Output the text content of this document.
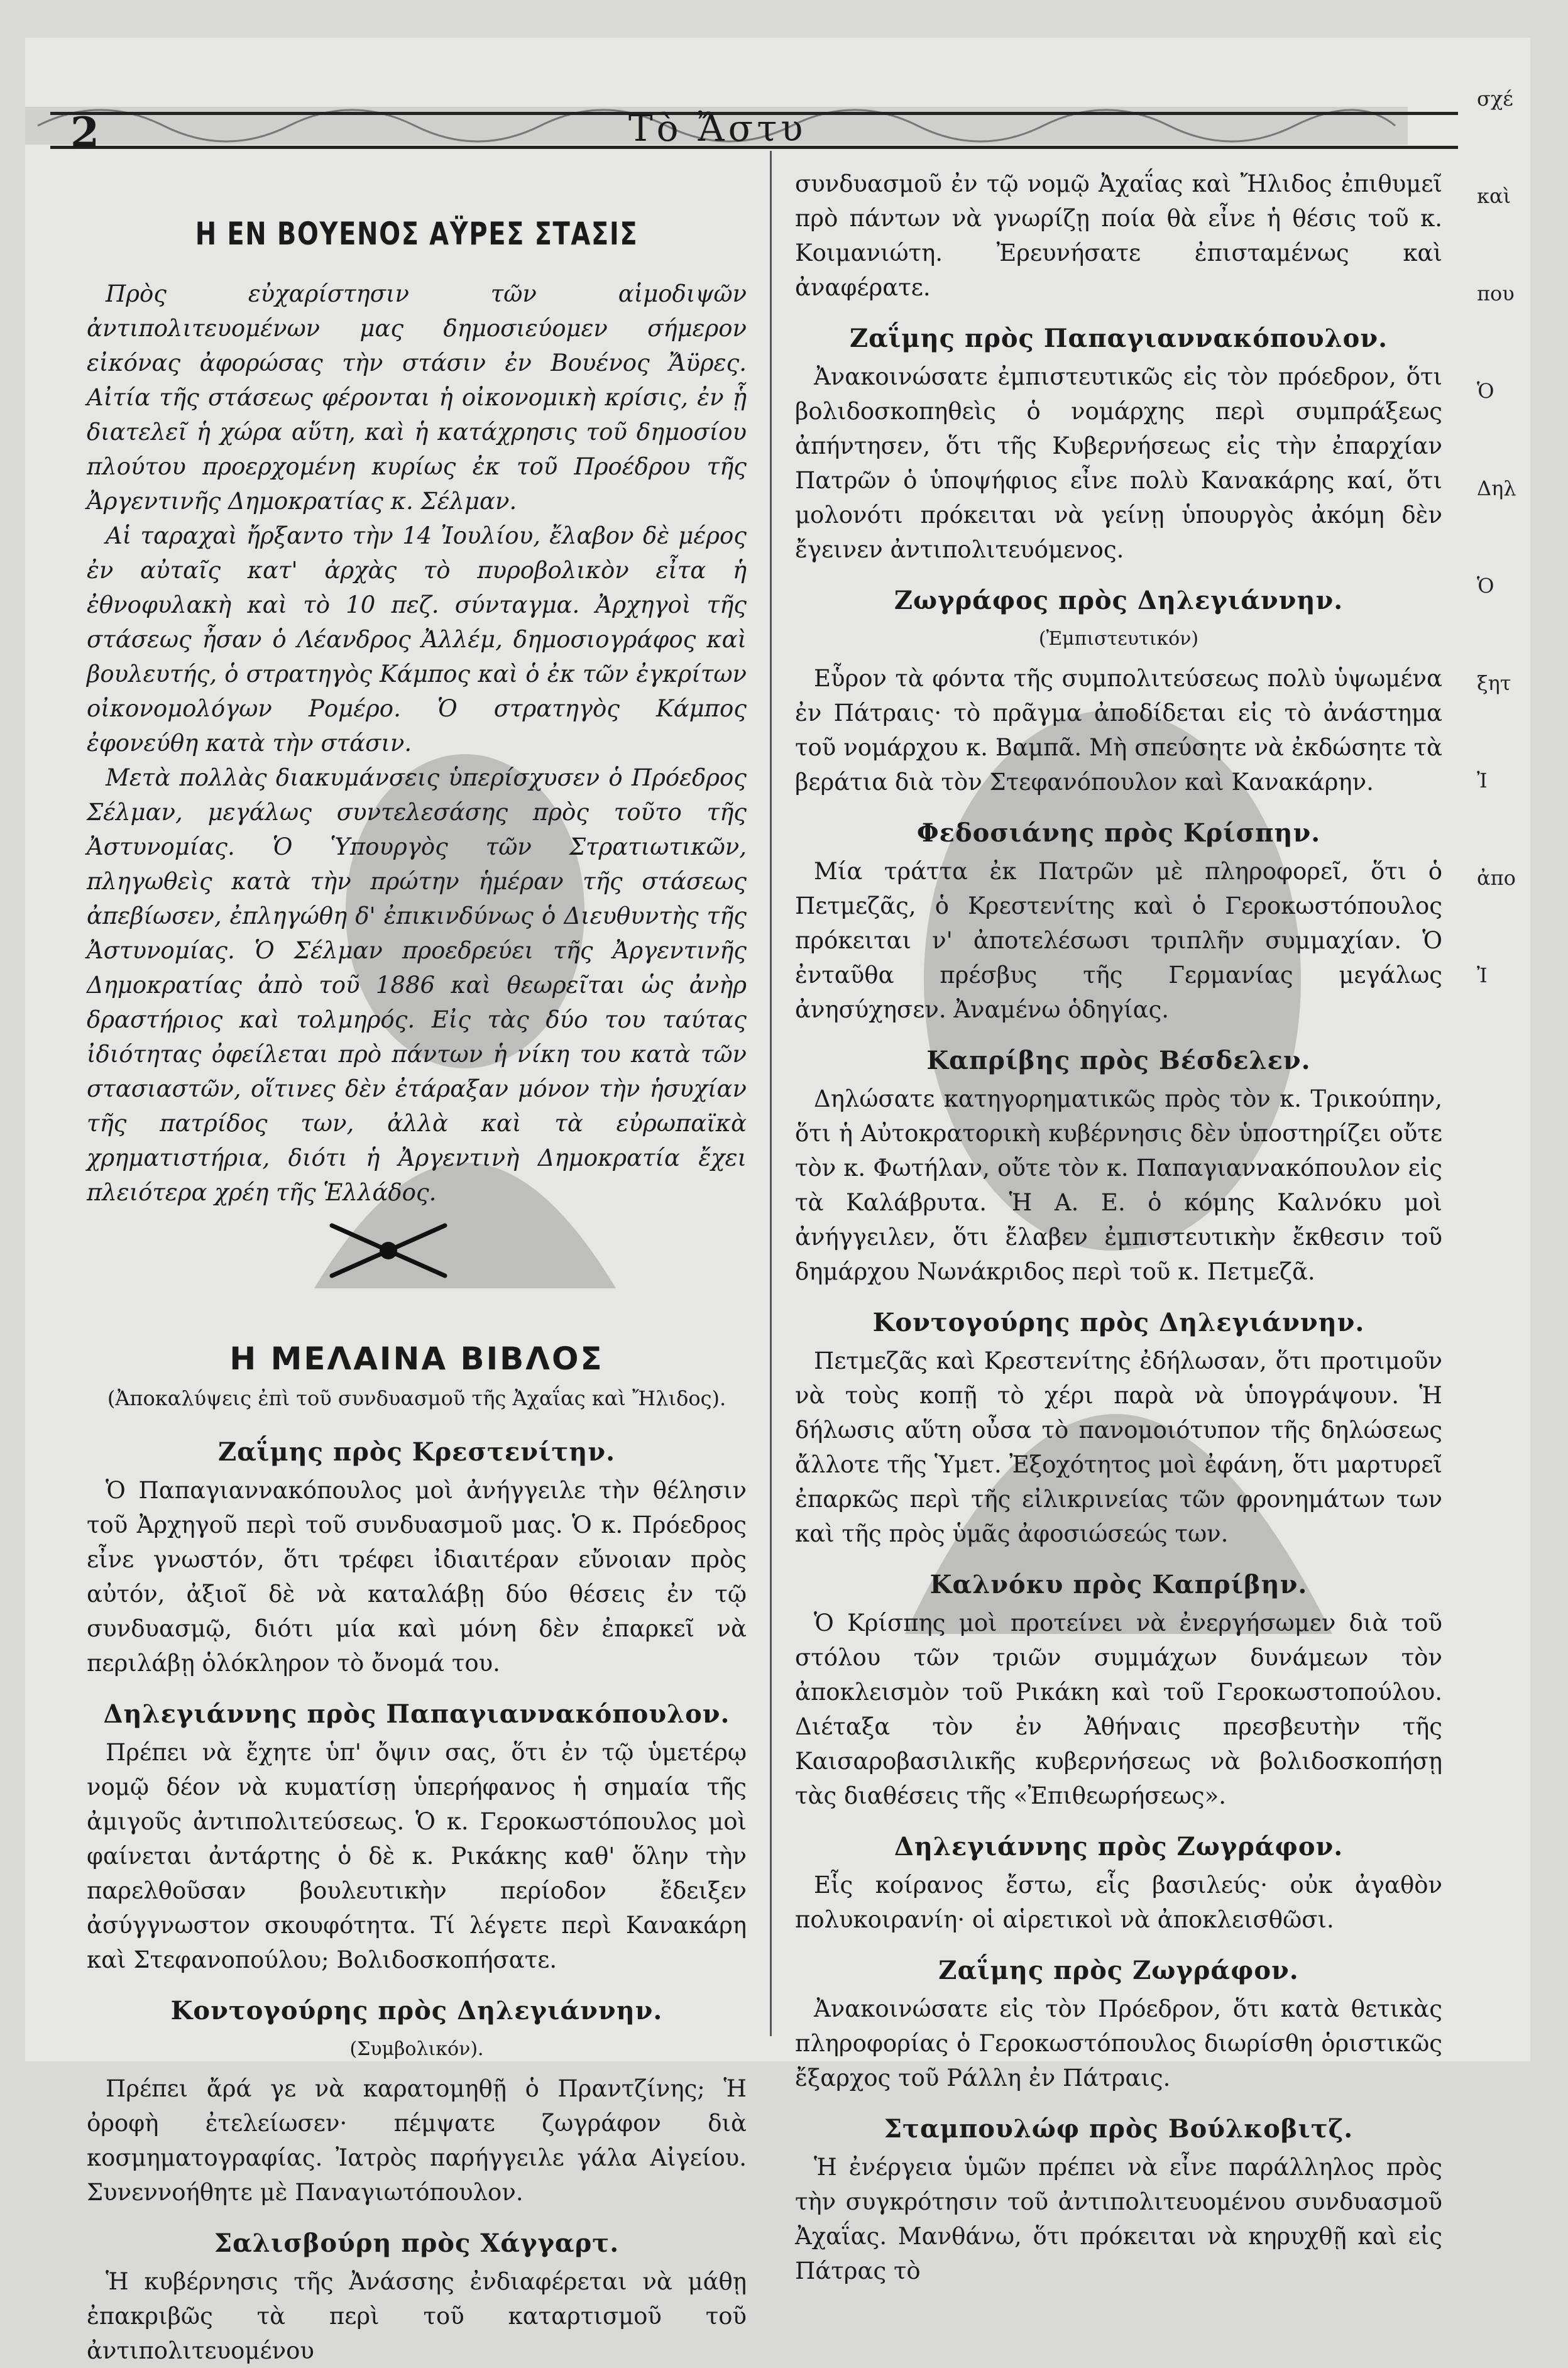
2	Τὸ Ἄστυ
Η ΕΝ ΒΟΥΕΝΟΣ ΑΫΡΕΣ ΣΤΑΣΙΣ

Πρὸς εὐχαρίστησιν τῶν αἱμοδιψῶν ἀντιπολιτευομένων μας δημοσιεύομεν σήμερον εἰκόνας ἀφορώσας τὴν στάσιν ἐν Βουένος Ἄϋρες. Αἰτία τῆς στάσεως φέρονται ἡ οἰκονομικὴ κρίσις, ἐν ᾗ διατελεῖ ἡ χώρα αὕτη, καὶ ἡ κατάχρησις τοῦ δημοσίου πλούτου προερχομένη κυρίως ἐκ τοῦ Προέδρου τῆς Ἀργεντινῆς Δημοκρατίας κ. Σέλμαν.

Αἱ ταραχαὶ ἤρξαντο τὴν 14 Ἰουλίου, ἔλαβον δὲ μέρος ἐν αὐταῖς κατ' ἀρχὰς τὸ πυροβολικὸν εἶτα ἡ ἐθνοφυλακὴ καὶ τὸ 10 πεζ. σύνταγμα. Ἀρχηγοὶ τῆς στάσεως ἦσαν ὁ Λέανδρος Ἀλλέμ, δημοσιογράφος καὶ βουλευτής, ὁ στρατηγὸς Κάμπος καὶ ὁ ἐκ τῶν ἐγκρίτων οἰκονομολόγων Ρομέρο. Ὁ στρατηγὸς Κάμπος ἐφονεύθη κατὰ τὴν στάσιν.

Μετὰ πολλὰς διακυμάνσεις ὑπερίσχυσεν ὁ Πρόεδρος Σέλμαν, μεγάλως συντελεσάσης πρὸς τοῦτο τῆς Ἀστυνομίας. Ὁ Ὑπουργὸς τῶν Στρατιωτικῶν, πληγωθεὶς κατὰ τὴν πρώτην ἡμέραν τῆς στάσεως ἀπεβίωσεν, ἐπληγώθη δ' ἐπικινδύνως ὁ Διευθυντὴς τῆς Ἀστυνομίας. Ὁ Σέλμαν προεδρεύει τῆς Ἀργεντινῆς Δημοκρατίας ἀπὸ τοῦ 1886 καὶ θεωρεῖται ὡς ἀνὴρ δραστήριος καὶ τολμηρός. Εἰς τὰς δύο του ταύτας ἰδιότητας ὀφείλεται πρὸ πάντων ἡ νίκη του κατὰ τῶν στασιαστῶν, οἵτινες δὲν ἐτάραξαν μόνον τὴν ἡσυχίαν τῆς πατρίδος των, ἀλλὰ καὶ τὰ εὐρωπαϊκὰ χρηματιστήρια, διότι ἡ Ἀργεντινὴ Δημοκρατία ἔχει πλειότερα χρέη τῆς Ἑλλάδος.

Η ΜΕΛΑΙΝΑ ΒΙΒΛΟΣ
(Ἀποκαλύψεις ἐπὶ τοῦ συνδυασμοῦ τῆς Ἀχαΐας καὶ Ἤλιδος).
Ζαΐμης πρὸς Κρεστενίτην.

Ὁ Παπαγιαννακόπουλος μοὶ ἀνήγγειλε τὴν θέλησιν τοῦ Ἀρχηγοῦ περὶ τοῦ συνδυασμοῦ μας. Ὁ κ. Πρόεδρος εἶνε γνωστόν, ὅτι τρέφει ἰδιαιτέραν εὔνοιαν πρὸς αὐτόν, ἀξιοῖ δὲ νὰ καταλάβῃ δύο θέσεις ἐν τῷ συνδυασμῷ, διότι μία καὶ μόνη δὲν ἐπαρκεῖ νὰ περιλάβῃ ὁλόκληρον τὸ ὄνομά του.

Δηλεγιάννης πρὸς Παπαγιαννακόπουλον.

Πρέπει νὰ ἔχητε ὑπ' ὄψιν σας, ὅτι ἐν τῷ ὑμετέρῳ νομῷ δέον νὰ κυματίσῃ ὑπερήφανος ἡ σημαία τῆς ἀμιγοῦς ἀντιπολιτεύσεως. Ὁ κ. Γεροκωστόπουλος μοὶ φαίνεται ἀντάρτης ὁ δὲ κ. Ρικάκης καθ' ὅλην τὴν παρελθοῦσαν βουλευτικὴν περίοδον ἔδειξεν ἀσύγγνωστον σκουφότητα. Τί λέγετε περὶ Κανακάρη καὶ Στεφανοπούλου; Βολιδοσκοπήσατε.

Κοντογούρης πρὸς Δηλεγιάννην.
(Συμβολικόν).

Πρέπει ἄρά γε νὰ καρατομηθῇ ὁ Πραντζίνης; Ἡ ὀροφὴ ἐτελείωσεν· πέμψατε ζωγράφον διὰ κοσμηματογραφίας. Ἰατρὸς παρήγγειλε γάλα Αἰγείου. Συνεννοήθητε μὲ Παναγιωτόπουλον.

Σαλισβούρη πρὸς Χάγγαρτ.

Ἡ κυβέρνησις τῆς Ἀνάσσης ἐνδιαφέρεται νὰ μάθῃ ἐπακριβῶς τὰ περὶ τοῦ καταρτισμοῦ τοῦ ἀντιπολιτευομένου

συνδυασμοῦ ἐν τῷ νομῷ Ἀχαΐας καὶ Ἤλιδος ἐπιθυμεῖ πρὸ πάντων νὰ γνωρίζῃ ποία θὰ εἶνε ἡ θέσις τοῦ κ. Κοιμανιώτη. Ἐρευνήσατε ἐπισταμένως καὶ ἀναφέρατε.

Ζαΐμης πρὸς Παπαγιαννακόπουλον.

Ἀνακοινώσατε ἐμπιστευτικῶς εἰς τὸν πρόεδρον, ὅτι βολιδοσκοπηθεὶς ὁ νομάρχης περὶ συμπράξεως ἀπήντησεν, ὅτι τῆς Κυβερνήσεως εἰς τὴν ἐπαρχίαν Πατρῶν ὁ ὑποψήφιος εἶνε πολὺ Κανακάρης καί, ὅτι μολονότι πρόκειται νὰ γείνῃ ὑπουργὸς ἀκόμη δὲν ἔγεινεν ἀντιπολιτευόμενος.

Ζωγράφος πρὸς Δηλεγιάννην.
(Ἐμπιστευτικόν)

Εὗρον τὰ φόντα τῆς συμπολιτεύσεως πολὺ ὑψωμένα ἐν Πάτραις· τὸ πρᾶγμα ἀποδίδεται εἰς τὸ ἀνάστημα τοῦ νομάρχου κ. Βαμπᾶ. Μὴ σπεύσητε νὰ ἐκδώσητε τὰ βεράτια διὰ τὸν Στεφανόπουλον καὶ Κανακάρην.

Φεδοσιάνης πρὸς Κρίσπην.

Μία τράττα ἐκ Πατρῶν μὲ πληροφορεῖ, ὅτι ὁ Πετμεζᾶς, ὁ Κρεστενίτης καὶ ὁ Γεροκωστόπουλος πρόκειται ν' ἀποτελέσωσι τριπλῆν συμμαχίαν. Ὁ ἐνταῦθα πρέσβυς τῆς Γερμανίας μεγάλως ἀνησύχησεν. Ἀναμένω ὁδηγίας.

Καπρίβης πρὸς Βέσδελεν.

Δηλώσατε κατηγορηματικῶς πρὸς τὸν κ. Τρικούπην, ὅτι ἡ Αὐτοκρατορικὴ κυβέρνησις δὲν ὑποστηρίζει οὔτε τὸν κ. Φωτήλαν, οὔτε τὸν κ. Παπαγιαννακόπουλον εἰς τὰ Καλάβρυτα. Ἡ Α. Ε. ὁ κόμης Καλνόκυ μοὶ ἀνήγγειλεν, ὅτι ἔλαβεν ἐμπιστευτικὴν ἔκθεσιν τοῦ δημάρχου Νωνάκριδος περὶ τοῦ κ. Πετμεζᾶ.

Κοντογούρης πρὸς Δηλεγιάννην.

Πετμεζᾶς καὶ Κρεστενίτης ἐδήλωσαν, ὅτι προτιμοῦν νὰ τοὺς κοπῇ τὸ χέρι παρὰ νὰ ὑπογράψουν. Ἡ δήλωσις αὕτη οὖσα τὸ πανομοιότυπον τῆς δηλώσεως ἄλλοτε τῆς Ὑμετ. Ἐξοχότητος μοὶ ἐφάνη, ὅτι μαρτυρεῖ ἐπαρκῶς περὶ τῆς εἰλικρινείας τῶν φρονημάτων των καὶ τῆς πρὸς ὑμᾶς ἀφοσιώσεώς των.

Καλνόκυ πρὸς Καπρίβην.

Ὁ Κρίσπης μοὶ προτείνει νὰ ἐνεργήσωμεν διὰ τοῦ στόλου τῶν τριῶν συμμάχων δυνάμεων τὸν ἀποκλεισμὸν τοῦ Ρικάκη καὶ τοῦ Γεροκωστοπούλου. Διέταξα τὸν ἐν Ἀθήναις πρεσβευτὴν τῆς Καισαροβασιλικῆς κυβερνήσεως νὰ βολιδοσκοπήσῃ τὰς διαθέσεις τῆς «Ἐπιθεωρήσεως».

Δηλεγιάννης πρὸς Ζωγράφον.

Εἷς κοίρανος ἔστω, εἷς βασιλεύς· οὐκ ἀγαθὸν πολυκοιρανίη· οἱ αἱρετικοὶ νὰ ἀποκλεισθῶσι.

Ζαΐμης πρὸς Ζωγράφον.

Ἀνακοινώσατε εἰς τὸν Πρόεδρον, ὅτι κατὰ θετικὰς πληροφορίας ὁ Γεροκωστόπουλος διωρίσθη ὁριστικῶς ἔξαρχος τοῦ Ράλλη ἐν Πάτραις.

Σταμπουλώφ πρὸς Βούλκοβιτζ.

Ἡ ἐνέργεια ὑμῶν πρέπει νὰ εἶνε παράλληλος πρὸς τὴν συγκρότησιν τοῦ ἀντιπολιτευομένου συνδυασμοῦ Ἀχαΐας. Μανθάνω, ὅτι πρόκειται νὰ κηρυχθῇ καὶ εἰς Πάτρας τὸ

σχέ
καὶ
που
Ὁ
Δηλ
Ὁ
ξητ
Ἰ
ἀπο
Ἰ
